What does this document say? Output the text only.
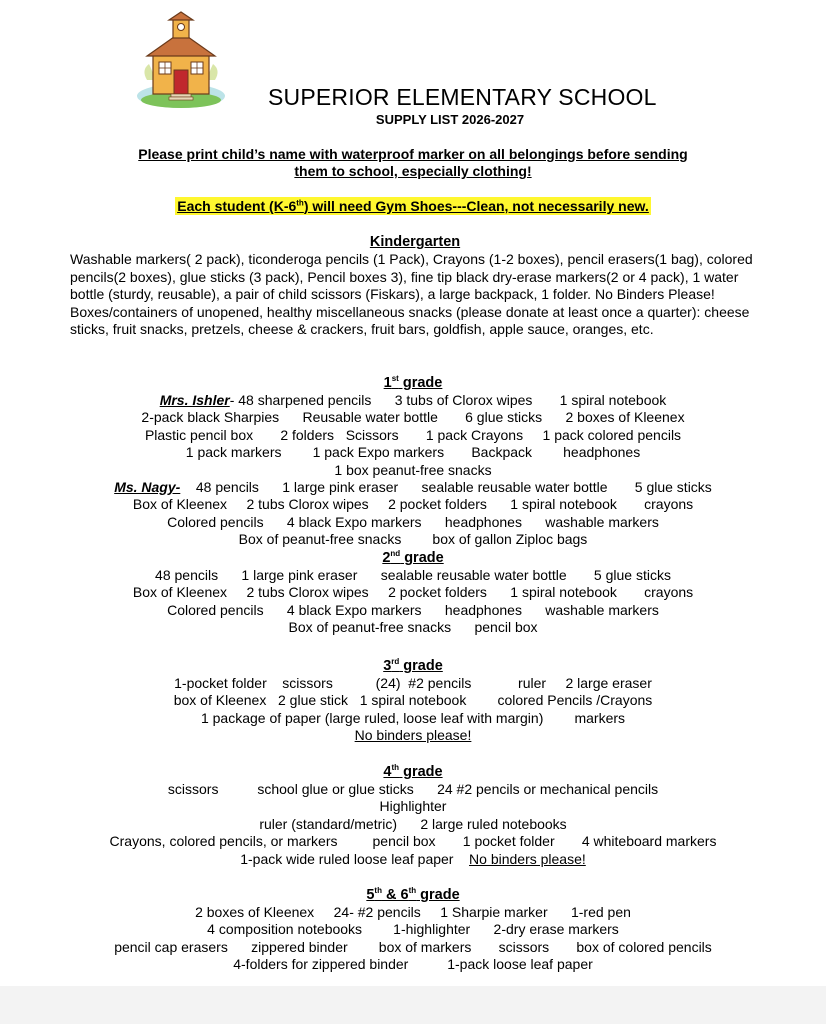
SUPERIOR ELEMENTARY SCHOOL
SUPPLY LIST 2026-2027
Please print child’s name with waterproof marker on all belongings before sending
them to school, especially clothing!
Each student (K-6th) will need Gym Shoes---Clean, not necessarily new.
Kindergarten

Washable markers( 2 pack), ticonderoga pencils (1 Pack), Crayons (1-2 boxes), pencil erasers(1 bag), colored pencils(2 boxes), glue sticks (3 pack), Pencil boxes 3), fine tip black dry-erase markers(2 or 4 pack), 1 water bottle (sturdy, reusable), a pair of child scissors (Fiskars), a large backpack, 1 folder. No Binders Please!

Boxes/containers of unopened, healthy miscellaneous snacks (please donate at least once a quarter): cheese sticks, fruit snacks, pretzels, cheese & crackers, fruit bars, goldfish, apple sauce, oranges, etc.

1st grade
Mrs. Ishler- 48 sharpened pencils      3 tubs of Clorox wipes       1 spiral notebook
2-pack black Sharpies      Reusable water bottle       6 glue sticks      2 boxes of Kleenex
Plastic pencil box       2 folders   Scissors       1 pack Crayons     1 pack colored pencils
1 pack markers        1 pack Expo markers       Backpack        headphones
1 box peanut-free snacks
Ms. Nagy-    48 pencils      1 large pink eraser      sealable reusable water bottle       5 glue sticks
Box of Kleenex     2 tubs Clorox wipes     2 pocket folders      1 spiral notebook       crayons
Colored pencils      4 black Expo markers      headphones      washable markers
Box of peanut-free snacks        box of gallon Ziploc bags
2nd grade
48 pencils      1 large pink eraser      sealable reusable water bottle       5 glue sticks
Box of Kleenex     2 tubs Clorox wipes     2 pocket folders      1 spiral notebook       crayons
Colored pencils      4 black Expo markers      headphones      washable markers
Box of peanut-free snacks      pencil box
3rd grade
1-pocket folder    scissors           (24)  #2 pencils            ruler     2 large eraser
box of Kleenex   2 glue stick   1 spiral notebook        colored Pencils /Crayons
1 package of paper (large ruled, loose leaf with margin)        markers
No binders please!
4th grade
scissors          school glue or glue sticks      24 #2 pencils or mechanical pencils
Highlighter
ruler (standard/metric)      2 large ruled notebooks
Crayons, colored pencils, or markers         pencil box       1 pocket folder       4 whiteboard markers
1-pack wide ruled loose leaf paper    No binders please!
5th & 6th grade
2 boxes of Kleenex     24- #2 pencils     1 Sharpie marker      1-red pen
4 composition notebooks        1-highlighter      2-dry erase markers
pencil cap erasers      zippered binder        box of markers       scissors       box of colored pencils
4-folders for zippered binder          1-pack loose leaf paper
